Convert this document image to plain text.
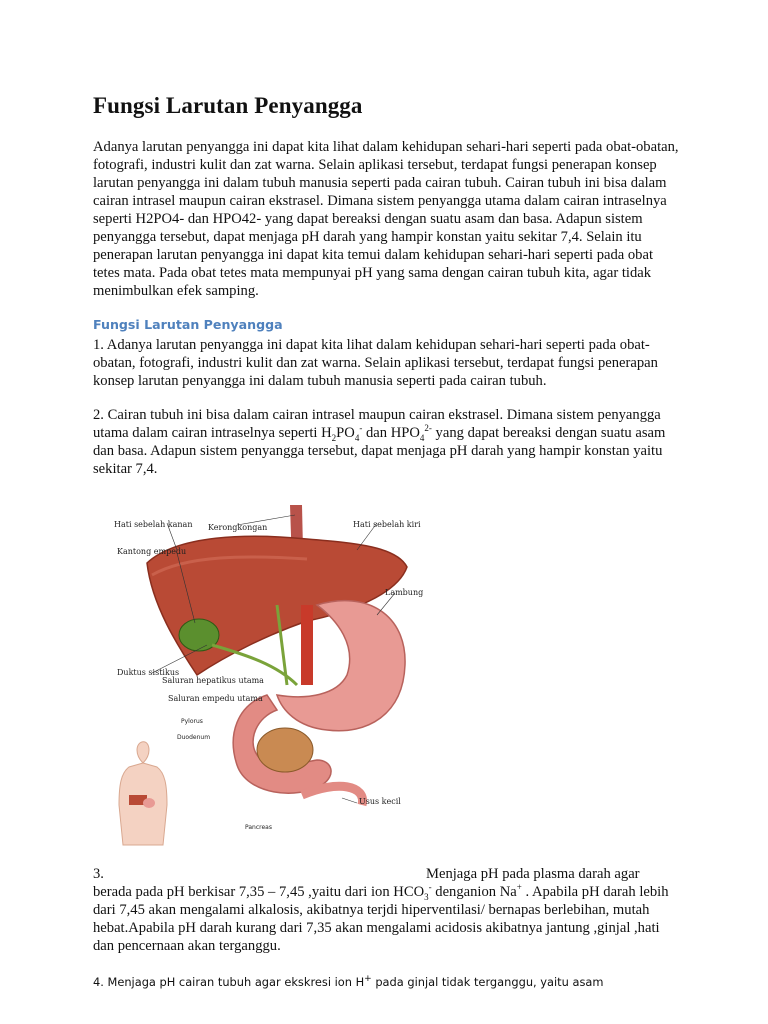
Fungsi Larutan Penyangga

Adanya larutan penyangga ini dapat kita lihat dalam kehidupan sehari-hari seperti pada obat-obatan, fotografi, industri kulit dan zat warna. Selain aplikasi tersebut, terdapat fungsi penerapan konsep larutan penyangga ini dalam tubuh manusia seperti pada cairan tubuh. Cairan tubuh ini bisa dalam cairan intrasel maupun cairan ekstrasel. Dimana sistem penyangga utama dalam cairan intraselnya seperti H2PO4- dan HPO42- yang dapat bereaksi dengan suatu asam dan basa. Adapun sistem penyangga tersebut, dapat menjaga pH darah yang hampir konstan yaitu sekitar 7,4. Selain itu penerapan larutan penyangga ini dapat kita temui dalam kehidupan sehari-hari seperti pada obat tetes mata. Pada obat tetes mata mempunyai pH yang sama dengan cairan tubuh kita, agar tidak menimbulkan efek samping.

Fungsi Larutan Penyangga

1. Adanya larutan penyangga ini dapat kita lihat dalam kehidupan sehari-hari seperti pada obat-obatan, fotografi, industri kulit dan zat warna. Selain aplikasi tersebut, terdapat fungsi penerapan konsep larutan penyangga ini dalam tubuh manusia seperti pada cairan tubuh.

2. Cairan tubuh ini bisa dalam cairan intrasel maupun cairan ekstrasel. Dimana sistem penyangga utama dalam cairan intraselnya seperti $H_2PO_4^-$ dan $HPO_4^{2-}$ yang dapat bereaksi dengan suatu asam dan basa. Adapun sistem penyangga tersebut, dapat menjaga pH darah yang hampir konstan yaitu sekitar 7,4.

Hati sebelah kanan Kerongkongan	Hati sebelah kiri
Kantong empedu
Lambung
Duktus sistikus
Saluran hepatikus utama
Saluran empedu utama
Pylorus
Duodenum
Usus kecil
Pancreas
3.	Menjaga pH pada plasma darah agar

berada pada pH berkisar 7,35 – 7,45 ,yaitu dari ion $HCO_3^-$ denganion Na+ . Apabila pH darah lebih dari 7,45 akan mengalami alkalosis, akibatnya terjdi hiperventilasi/ bernapas berlebihan, mutah hebat.Apabila pH darah kurang dari 7,35 akan mengalami acidosis akibatnya jantung ,ginjal ,hati dan pencernaan akan terganggu.

4. Menjaga pH cairan tubuh agar ekskresi ion H+ pada ginjal tidak terganggu, yaitu asam
